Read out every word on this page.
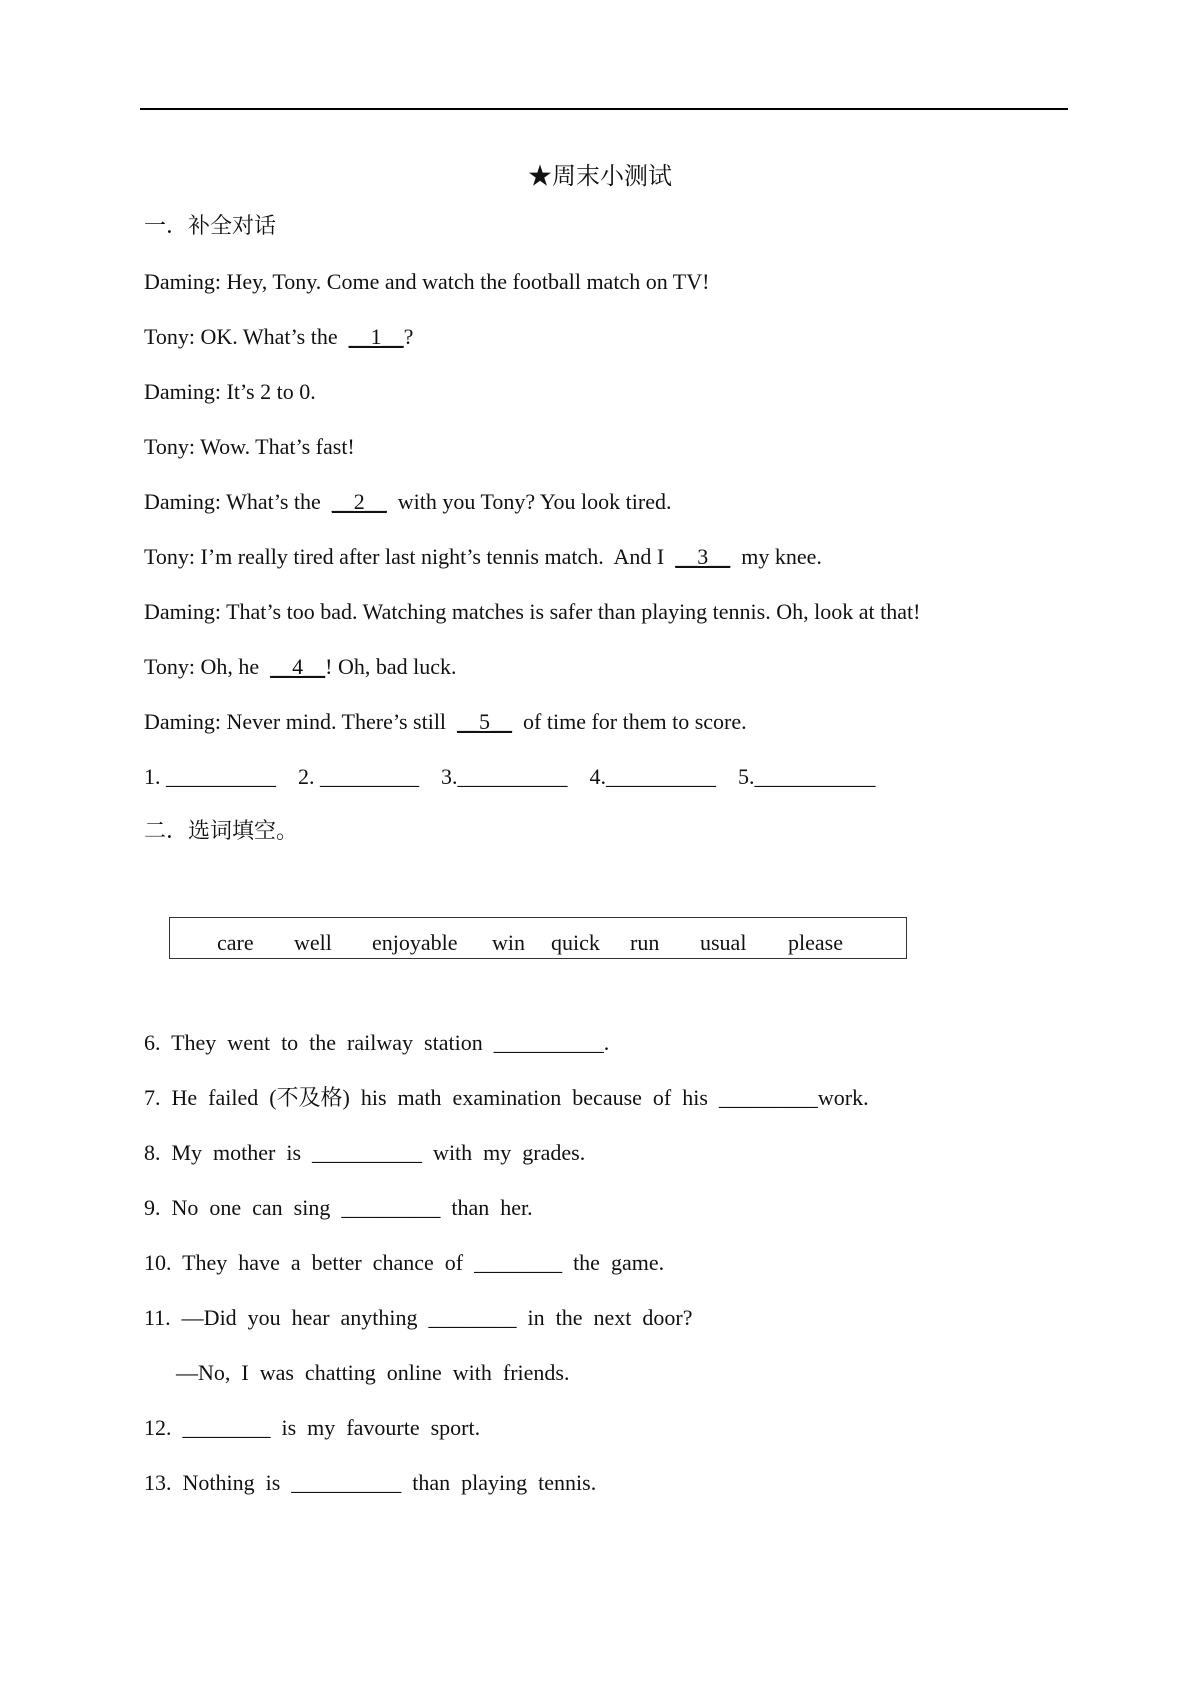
★周末小测试
一．补全对话
Daming: Hey, Tony. Come and watch the football match on TV!
Tony: OK. What’s the  __1__?
Daming: It’s 2 to 0.
Tony: Wow. That’s fast!
Daming: What’s the  __2__  with you Tony? You look tired.
Tony: I’m really tired after last night’s tennis match.  And I  __3__  my knee.
Daming: That’s too bad. Watching matches is safer than playing tennis. Oh, look at that!
Tony: Oh, he  __4__! Oh, bad luck.
Daming: Never mind. There’s still  __5__  of time for them to score.
1. __________    2. _________    3.__________    4.__________    5.___________
二．选词填空。
care well enjoyable win quick run usual please
6.  They  went  to  the  railway  station  __________.
7.  He  failed  (不及格)  his  math  examination  because  of  his  _________work.
8.  My  mother  is  __________  with  my  grades.
9.  No  one  can  sing  _________  than  her.
10.  They  have  a  better  chance  of  ________  the  game.
11.  —Did  you  hear  anything  ________  in  the  next  door?
—No,  I  was  chatting  online  with  friends.
12.  ________  is  my  favourte  sport.
13.  Nothing  is  __________  than  playing  tennis.
